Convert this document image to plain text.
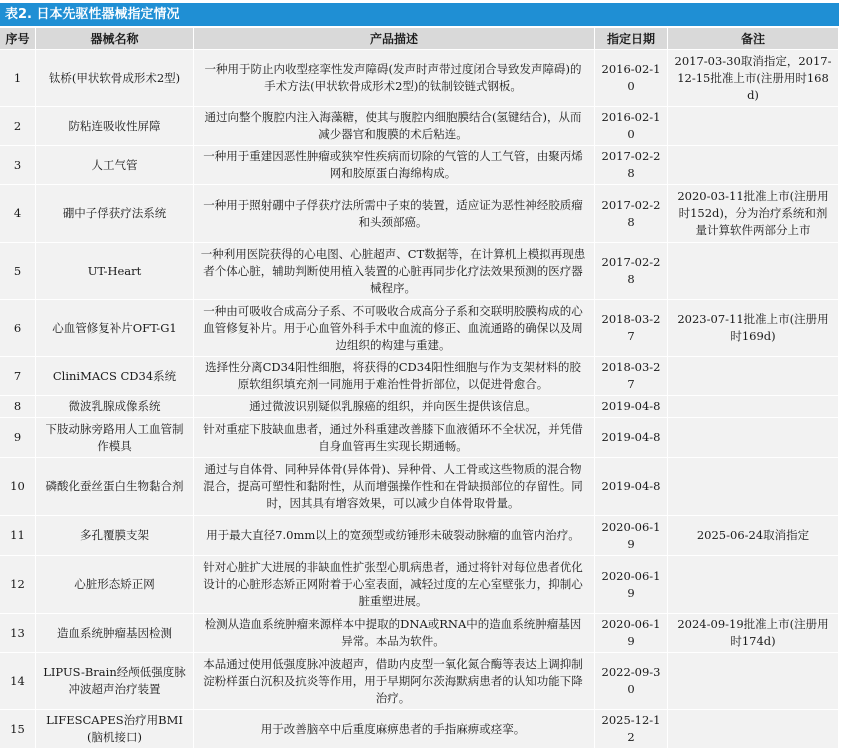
表2. 日本先驱性器械指定情况
序号	器械名称	产品描述	指定日期	备注
1	钛桥(甲状软骨成形术2型)	一种用于防止内收型痉挛性发声障碍(发声时声带过度闭合导致发声障碍)的手术方法(甲状软骨成形术2型)的钛制铰链式钢板。	2016-02-10	2017-03-30取消指定，2017-12-15批准上市(注册用时168d)
2	防粘连吸收性屏障	通过向整个腹腔内注入海藻糖，使其与腹腔内细胞膜结合(氢键结合)，从而减少器官和腹膜的术后粘连。	2016-02-10	
3	人工气管	一种用于重建因恶性肿瘤或狭窄性疾病而切除的气管的人工气管，由聚丙烯网和胶原蛋白海绵构成。	2017-02-28	
4	硼中子俘获疗法系统	一种用于照射硼中子俘获疗法所需中子束的装置，适应证为恶性神经胶质瘤和头颈部癌。	2017-02-28	2020-03-11批准上市(注册用时152d)，分为治疗系统和剂量计算软件两部分上市
5	UT-Heart	一种利用医院获得的心电图、心脏超声、CT数据等，在计算机上模拟再现患者个体心脏，辅助判断使用植入装置的心脏再同步化疗法效果预测的医疗器械程序。	2017-02-28	
6	心血管修复补片OFT-G1	一种由可吸收合成高分子系、不可吸收合成高分子系和交联明胶膜构成的心血管修复补片。用于心血管外科手术中血流的修正、血流通路的确保以及周边组织的构建与重建。	2018-03-27	2023-07-11批准上市(注册用时169d)
7	CliniMACS CD34系统	选择性分离CD34阳性细胞，将获得的CD34阳性细胞与作为支架材料的胶原软组织填充剂一同施用于难治性骨折部位，以促进骨愈合。	2018-03-27	
8	微波乳腺成像系统	通过微波识别疑似乳腺癌的组织，并向医生提供该信息。	2019-04-8	
9	下肢动脉旁路用人工血管制作模具	针对重症下肢缺血患者，通过外科重建改善膝下血液循环不全状况，并凭借自身血管再生实现长期通畅。	2019-04-8	
10	磷酸化蚕丝蛋白生物黏合剂	通过与自体骨、同种异体骨(异体骨)、异种骨、人工骨或这些物质的混合物混合，提高可塑性和黏附性，从而增强操作性和在骨缺损部位的存留性。同时，因其具有增容效果，可以减少自体骨取骨量。	2019-04-8	
11	多孔覆膜支架	用于最大直径7.0mm以上的宽颈型或纺锤形未破裂动脉瘤的血管内治疗。	2020-06-19	2025-06-24取消指定
12	心脏形态矫正网	针对心脏扩大进展的非缺血性扩张型心肌病患者，通过将针对每位患者优化设计的心脏形态矫正网附着于心室表面，减轻过度的左心室壁张力，抑制心脏重塑进展。	2020-06-19	
13	造血系统肿瘤基因检测	检测从造血系统肿瘤来源样本中提取的DNA或RNA中的造血系统肿瘤基因异常。本品为软件。	2020-06-19	2024-09-19批准上市(注册用时174d)
14	LIPUS-Brain经颅低强度脉冲波超声治疗装置	本品通过使用低强度脉冲波超声，借助内皮型一氧化氮合酶等表达上调抑制淀粉样蛋白沉积及抗炎等作用，用于早期阿尔茨海默病患者的认知功能下降治疗。	2022-09-30	
15	LIFESCAPES治疗用BMI(脑机接口)	用于改善脑卒中后重度麻痹患者的手指麻痹或痉挛。	2025-12-12	
